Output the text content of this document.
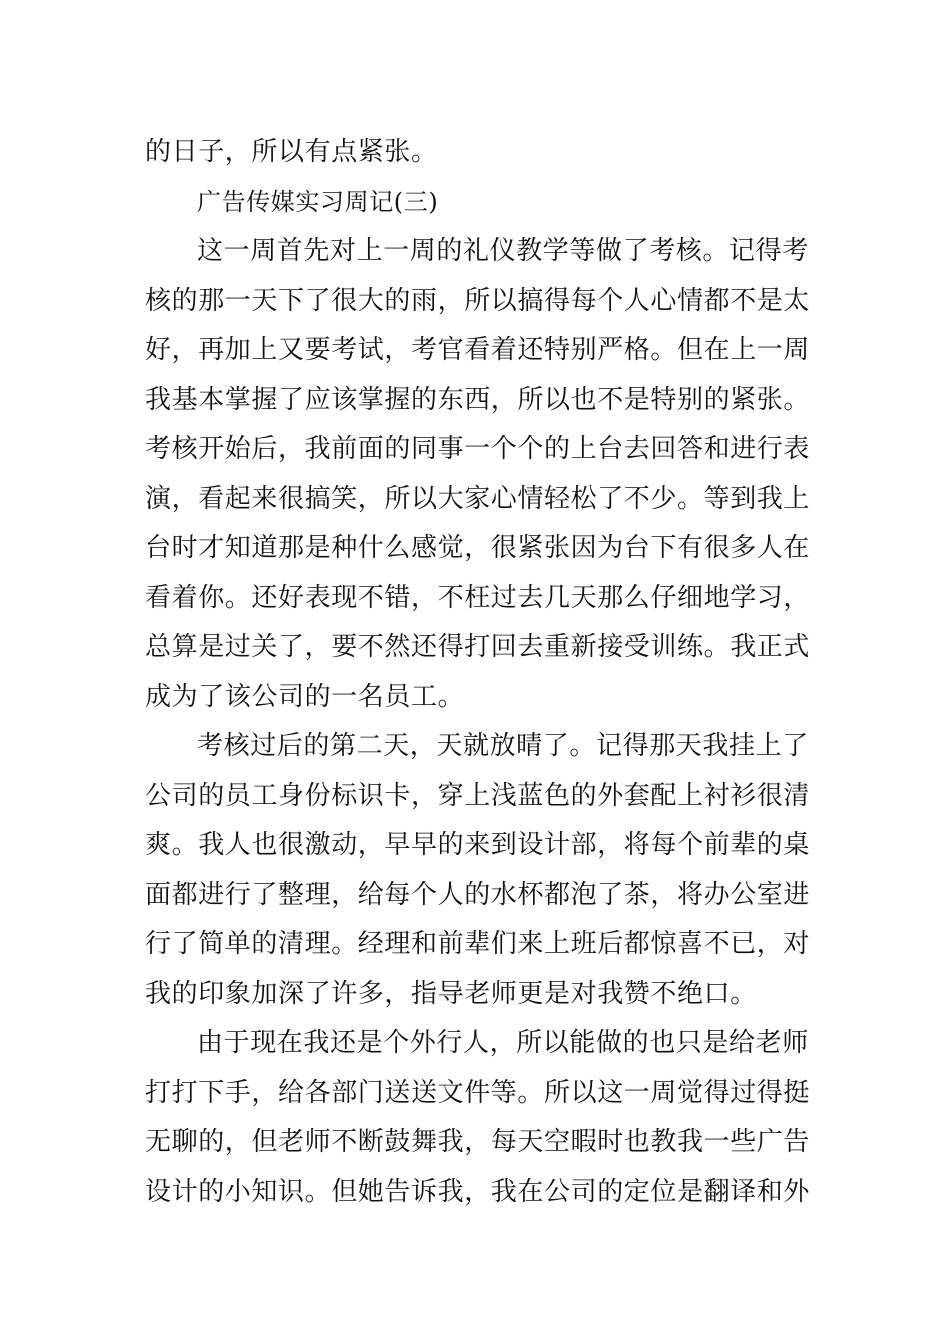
的日子，所以有点紧张。
广告传媒实习周记(三)
这一周首先对上一周的礼仪教学等做了考核。记得考
核的那一天下了很大的雨，所以搞得每个人心情都不是太
好，再加上又要考试，考官看着还特别严格。但在上一周
我基本掌握了应该掌握的东西，所以也不是特别的紧张。
考核开始后，我前面的同事一个个的上台去回答和进行表
演，看起来很搞笑，所以大家心情轻松了不少。等到我上
台时才知道那是种什么感觉，很紧张因为台下有很多人在
看着你。还好表现不错，不枉过去几天那么仔细地学习，
总算是过关了，要不然还得打回去重新接受训练。我正式
成为了该公司的一名员工。
考核过后的第二天，天就放晴了。记得那天我挂上了
公司的员工身份标识卡，穿上浅蓝色的外套配上衬衫很清
爽。我人也很激动，早早的来到设计部，将每个前辈的桌
面都进行了整理，给每个人的水杯都泡了茶，将办公室进
行了简单的清理。经理和前辈们来上班后都惊喜不已，对
我的印象加深了许多，指导老师更是对我赞不绝口。
由于现在我还是个外行人，所以能做的也只是给老师
打打下手，给各部门送送文件等。所以这一周觉得过得挺
无聊的，但老师不断鼓舞我，每天空暇时也教我一些广告
设计的小知识。但她告诉我，我在公司的定位是翻译和外
